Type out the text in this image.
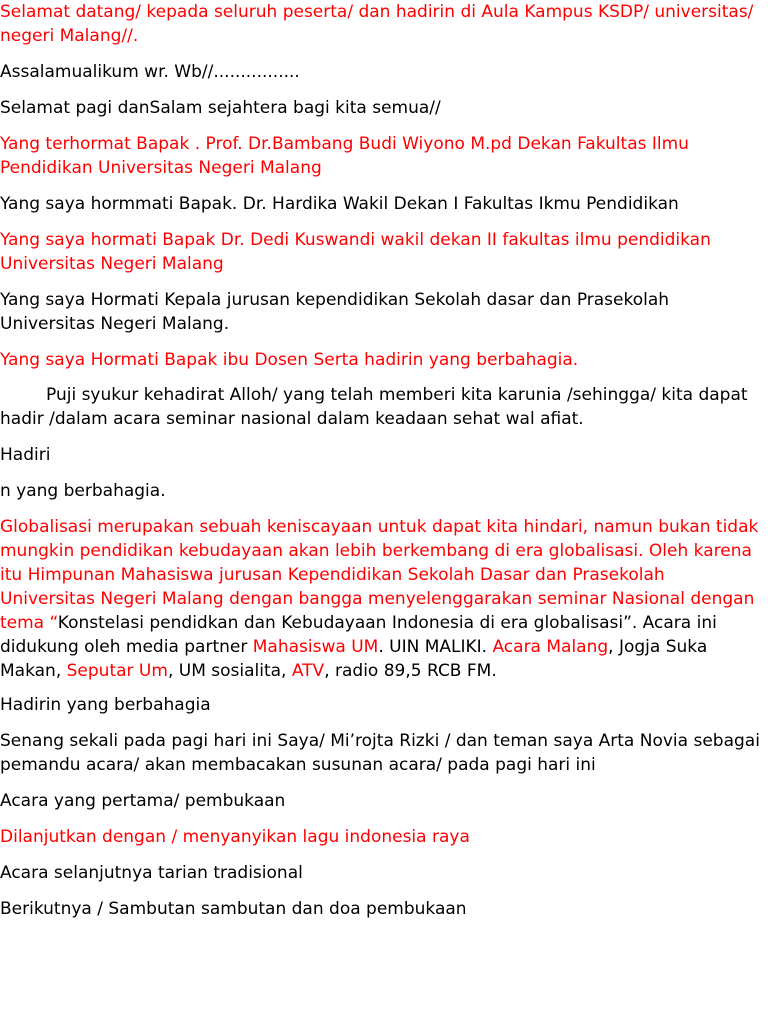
Selamat datang/ kepada seluruh peserta/ dan hadirin di Aula Kampus KSDP/ universitas/ negeri Malang//.

Assalamualikum wr. Wb//................

Selamat pagi danSalam sejahtera bagi kita semua//

Yang terhormat Bapak . Prof. Dr.Bambang Budi Wiyono M.pd Dekan Fakultas Ilmu Pendidikan Universitas Negeri Malang

Yang saya hormmati Bapak. Dr. Hardika Wakil Dekan I Fakultas Ikmu Pendidikan

Yang saya hormati Bapak Dr. Dedi Kuswandi wakil dekan II fakultas ilmu pendidikan Universitas Negeri Malang

Yang saya Hormati Kepala jurusan kependidikan Sekolah dasar dan Prasekolah Universitas Negeri Malang.

Yang saya Hormati Bapak ibu Dosen Serta hadirin yang berbahagia.

Puji syukur kehadirat Alloh/ yang telah memberi kita karunia /sehingga/ kita dapat hadir /dalam acara seminar nasional dalam keadaan sehat wal afiat.

Hadiri

n yang berbahagia.

Globalisasi merupakan sebuah keniscayaan untuk dapat kita hindari, namun bukan tidak mungkin pendidikan kebudayaan akan lebih berkembang di era globalisasi. Oleh karena itu Himpunan Mahasiswa jurusan Kependidikan Sekolah Dasar dan Prasekolah Universitas Negeri Malang dengan bangga menyelenggarakan seminar Nasional dengan tema “Konstelasi pendidkan dan Kebudayaan Indonesia di era globalisasi”. Acara ini didukung oleh media partner Mahasiswa UM. UIN MALIKI. Acara Malang, Jogja Suka Makan, Seputar Um, UM sosialita, ATV, radio 89,5 RCB FM.

Hadirin yang berbahagia

Senang sekali pada pagi hari ini Saya/ Mi’rojta Rizki / dan teman saya Arta Novia sebagai pemandu acara/ akan membacakan susunan acara/ pada pagi hari ini

Acara yang pertama/ pembukaan

Dilanjutkan dengan / menyanyikan lagu indonesia raya

Acara selanjutnya tarian tradisional

Berikutnya / Sambutan sambutan dan doa pembukaan
